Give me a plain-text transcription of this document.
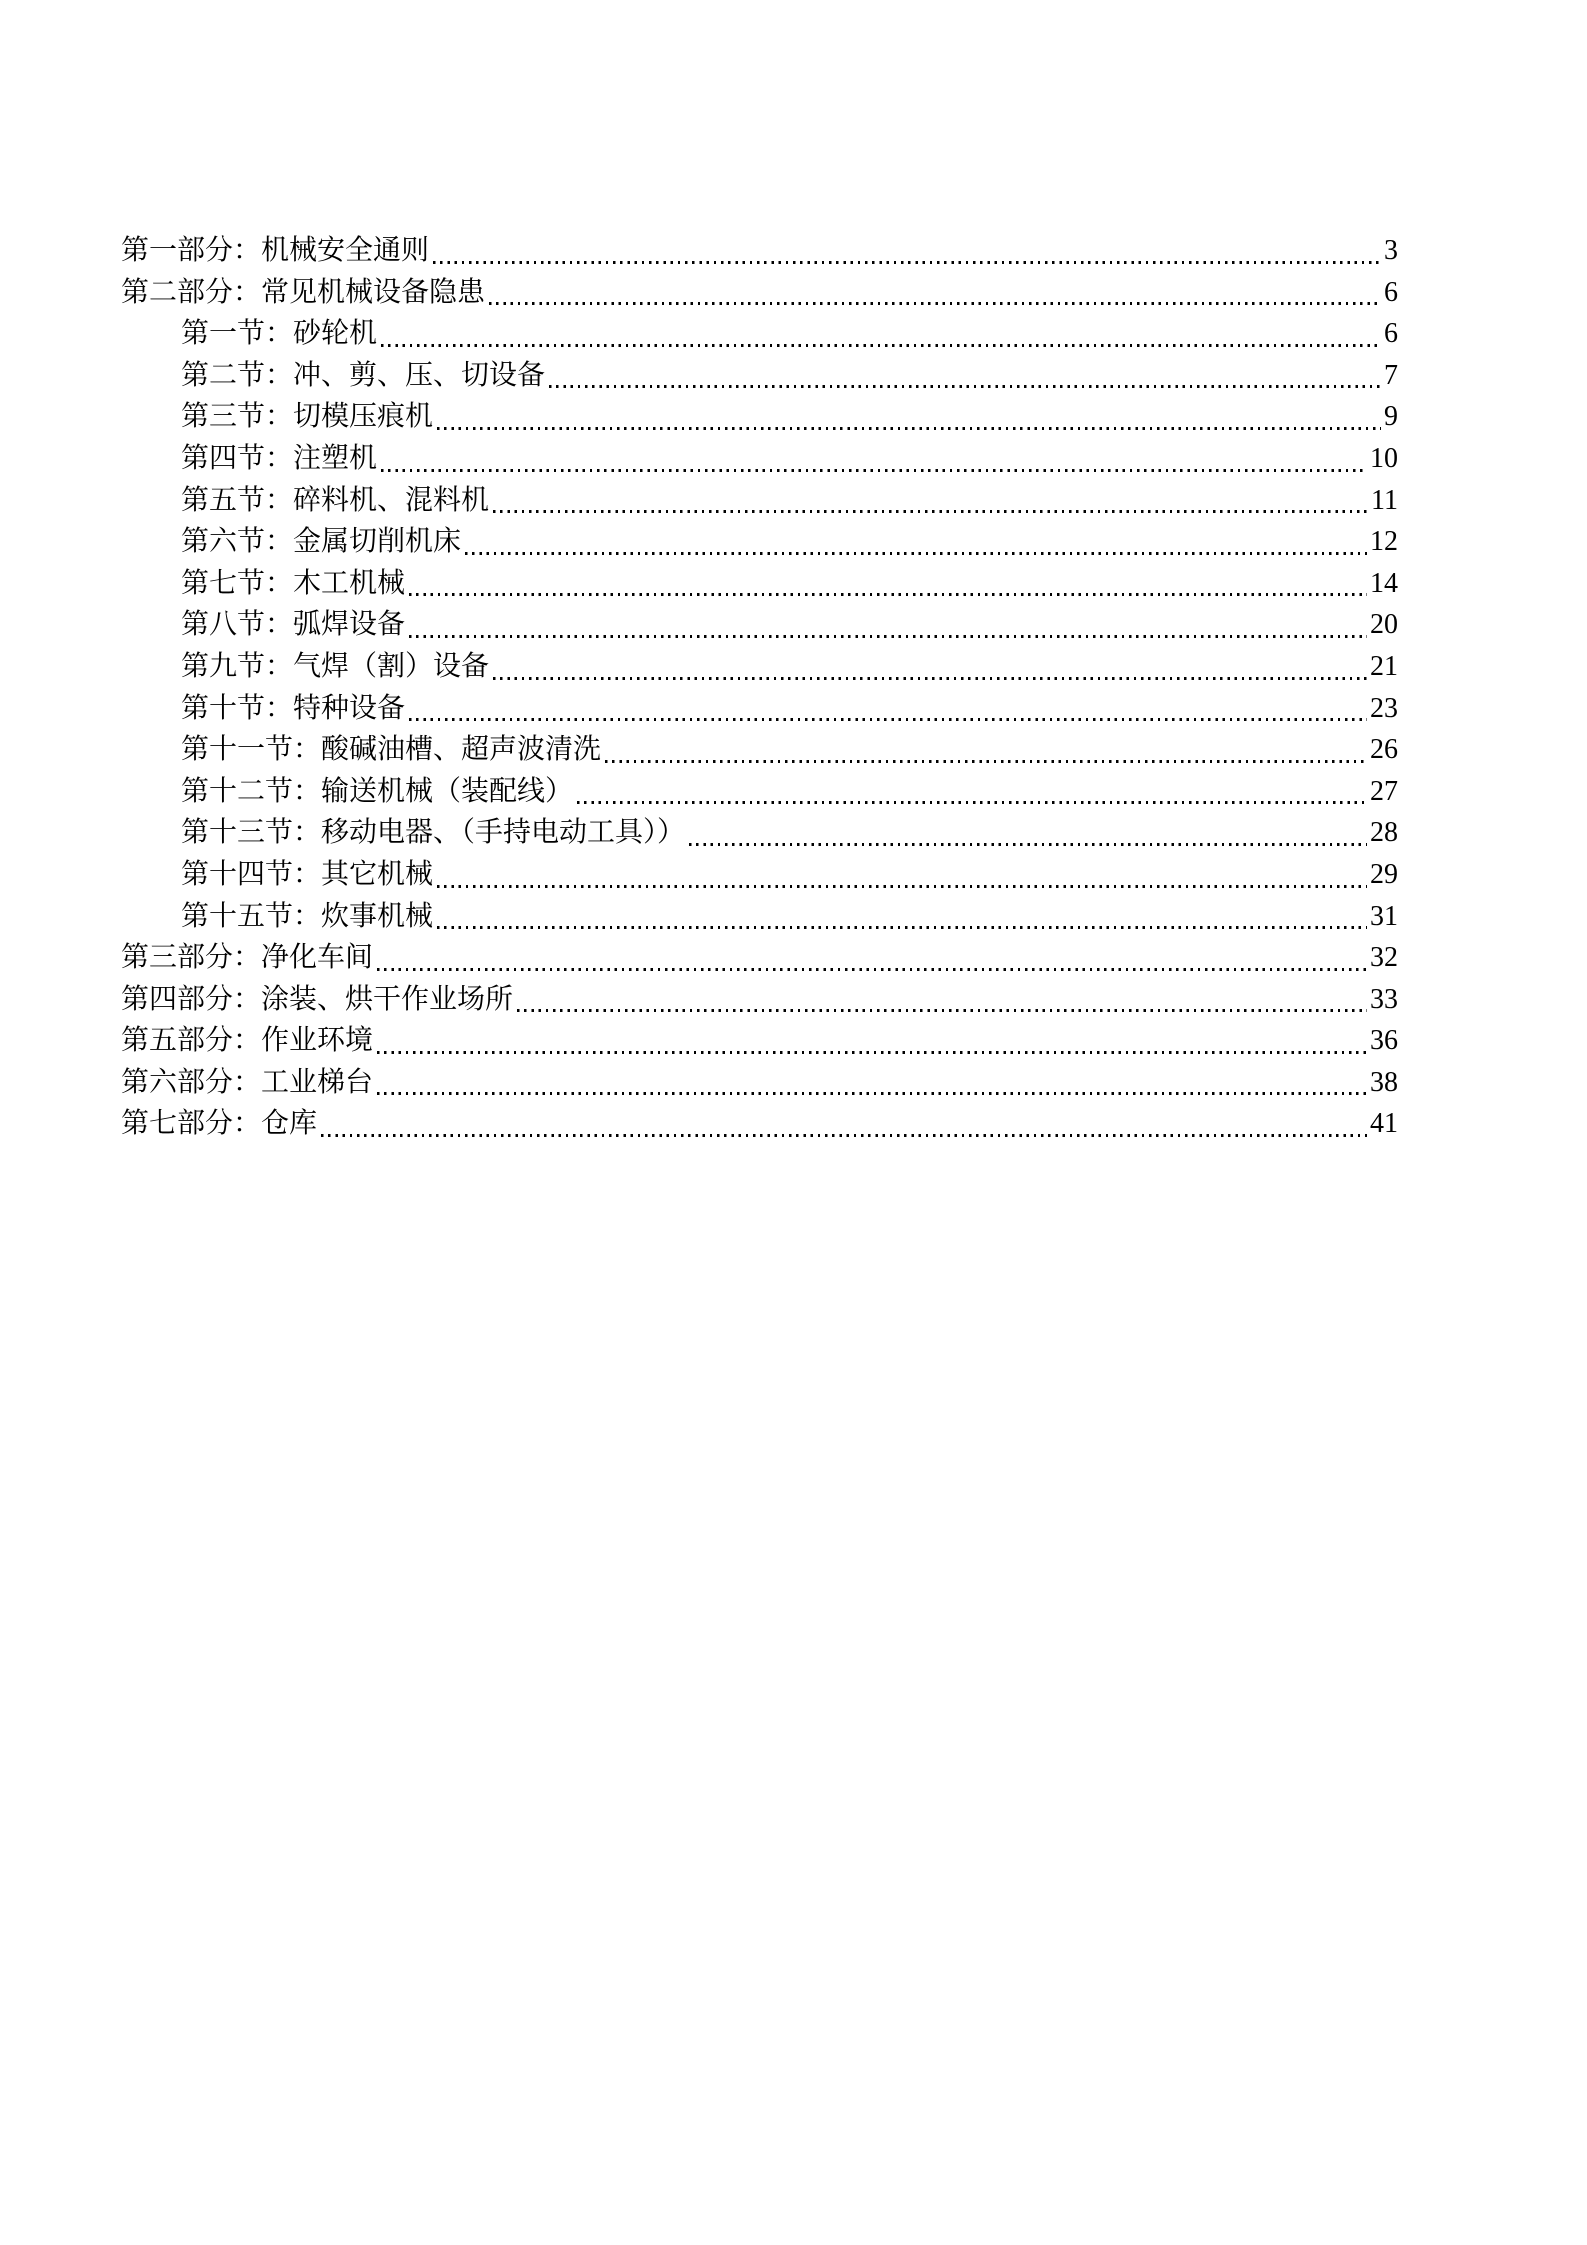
第一部分：机械安全通则	3
第二部分：常见机械设备隐患	6
第一节：砂轮机	6
第二节：冲、剪、压、切设备	7
第三节：切模压痕机	9
第四节：注塑机	10
第五节：碎料机、混料机	11
第六节：金属切削机床	12
第七节：木工机械	14
第八节：弧焊设备	20
第九节：气焊（割）设备	21
第十节：特种设备	23
第十一节：酸碱油槽、超声波清洗	26
第十二节：输送机械（装配线）	27
第十三节：移动电器、（手持电动工具））	28
第十四节：其它机械	29
第十五节：炊事机械	31
第三部分：净化车间	32
第四部分：涂装、烘干作业场所	33
第五部分：作业环境	36
第六部分：工业梯台	38
第七部分：仓库	41
